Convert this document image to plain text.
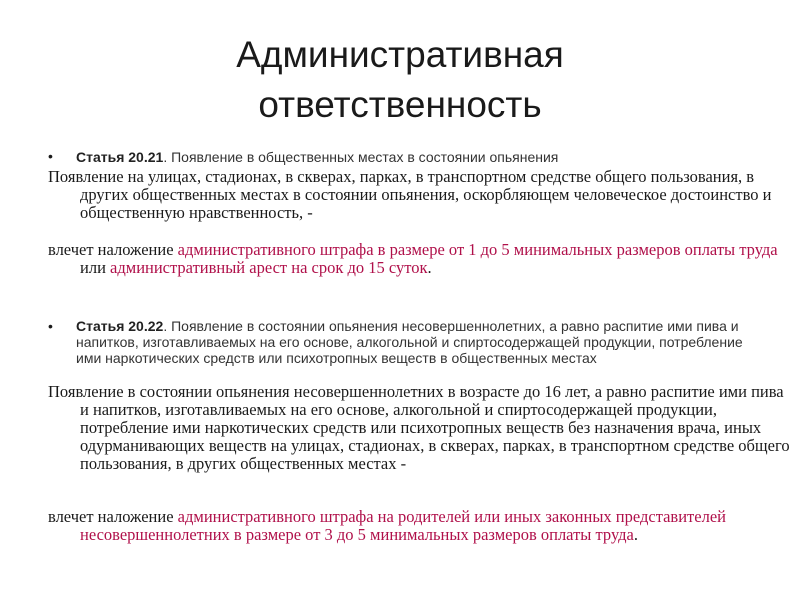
Административная
ответственность
• Статья 20.21. Появление в общественных местах в состоянии опьянения
Появление на улицах, стадионах, в скверах, парках, в транспортном средстве общего пользования, в других общественных местах в состоянии опьянения, оскорбляющем человеческое достоинство и общественную нравственность, -
влечет наложение административного штрафа в размере от 1 до 5 минимальных размеров оплаты труда или административный арест на срок до 15 суток.
• Статья 20.22. Появление в состоянии опьянения несовершеннолетних, а равно распитие ими пива и напитков, изготавливаемых на его основе, алкогольной и спиртосодержащей продукции, потребление ими наркотических средств или психотропных веществ в общественных местах
Появление в состоянии опьянения несовершеннолетних в возрасте до 16 лет, а равно распитие ими пива и напитков, изготавливаемых на его основе, алкогольной и спиртосодержащей продукции, потребление ими наркотических средств или психотропных веществ без назначения врача, иных одурманивающих веществ на улицах, стадионах, в скверах, парках, в транспортном средстве общего пользования, в других общественных местах -
влечет наложение административного штрафа на родителей или иных законных представителей несовершеннолетних в размере от 3 до 5 минимальных размеров оплаты труда.
